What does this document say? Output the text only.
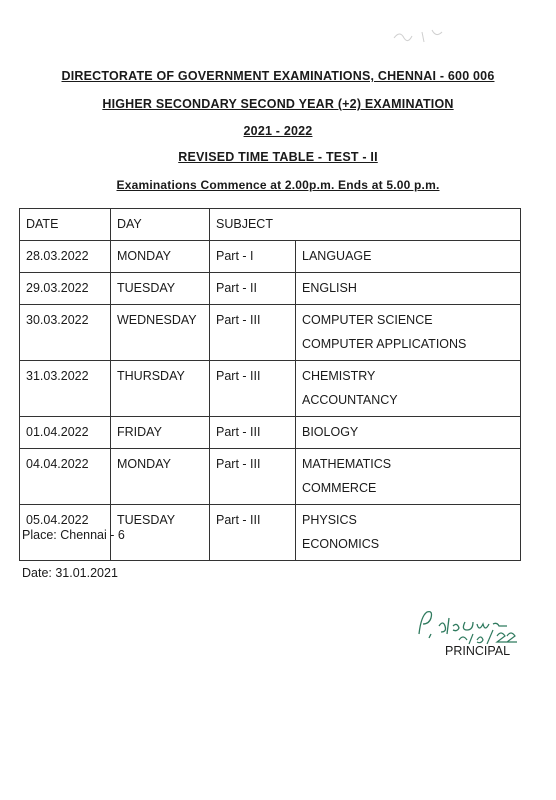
DIRECTORATE OF GOVERNMENT EXAMINATIONS, CHENNAI - 600 006
HIGHER SECONDARY SECOND YEAR (+2) EXAMINATION
2021 - 2022
REVISED TIME TABLE - TEST - II
Examinations Commence at 2.00p.m. Ends at 5.00 p.m.
DATE	DAY	SUBJECT	
28.03.2022	MONDAY	Part - I	LANGUAGE

29.03.2022	TUESDAY	Part - II	ENGLISH

30.03.2022	WEDNESDAY	Part - III	COMPUTER SCIENCE
COMPUTER APPLICATIONS

31.03.2022	THURSDAY	Part - III	CHEMISTRY
ACCOUNTANCY

01.04.2022	FRIDAY	Part - III	BIOLOGY

04.04.2022	MONDAY	Part - III	MATHEMATICS
COMMERCE

05.04.2022	TUESDAY	Part - III	PHYSICS
ECONOMICS
Place: Chennai - 6
Date: 31.01.2021
PRINCIPAL
